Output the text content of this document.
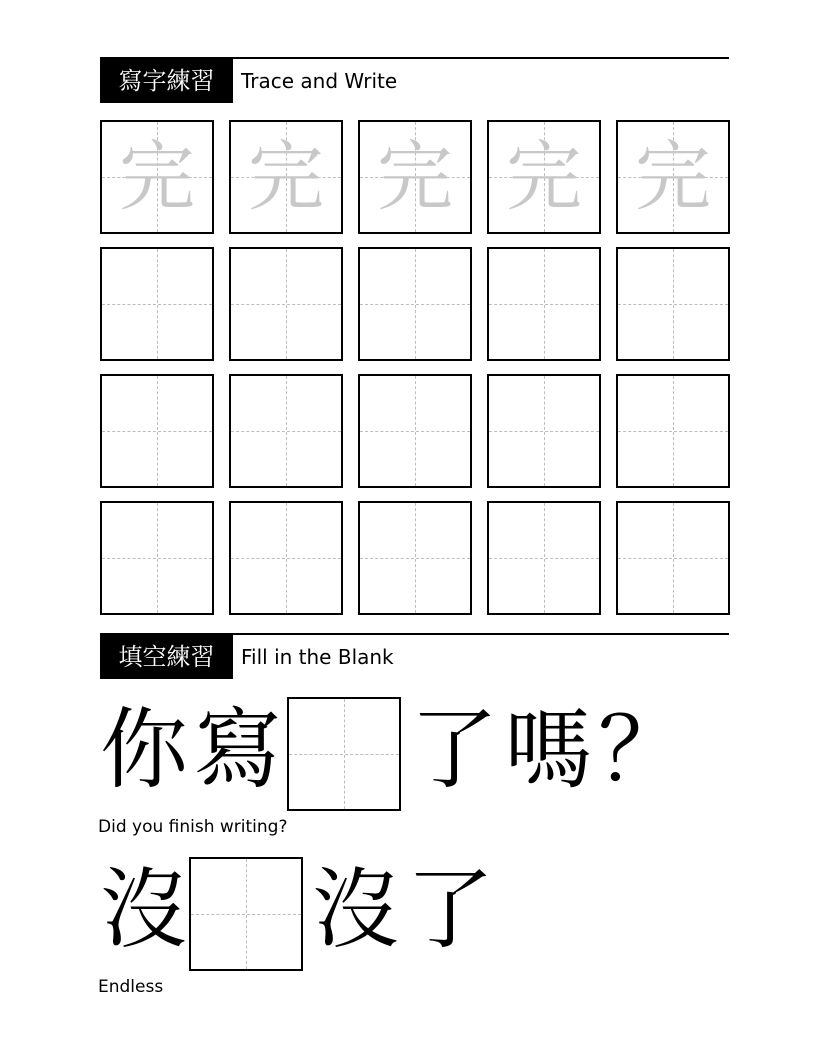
寫字練習	Trace and Write
完 完 完 完 完
填空練習	Fill in the Blank
你 寫 了 嗎 ？
Did you finish writing?
沒 沒 了
Endless
